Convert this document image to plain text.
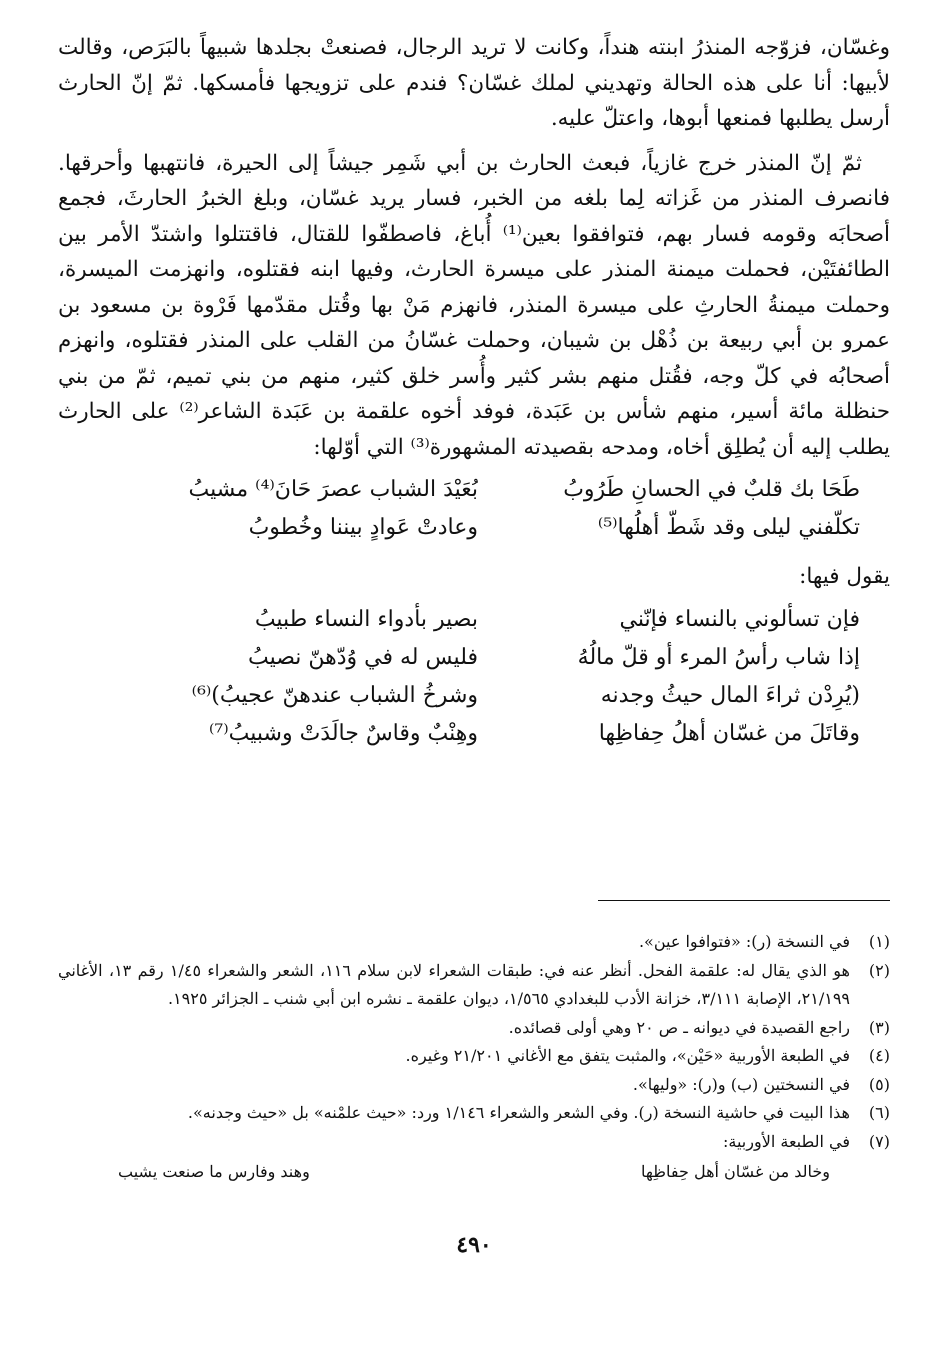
وغسّان، فزوّجه المنذرُ ابنته هنداً، وكانت لا تريد الرجال، فصنعتْ بجلدها شبيهاً بالبَرَص، وقالت لأبيها: أنا على هذه الحالة وتهديني لملك غسّان؟ فندم على تزويجها فأمسكها. ثمّ إنّ الحارث أرسل يطلبها فمنعها أبوها، واعتلّ عليه.

ثمّ إنّ المنذر خرج غازياً، فبعث الحارث بن أبي شَمِر جيشاً إلى الحيرة، فانتهبها وأحرقها. فانصرف المنذر من غَزاته لِما بلغه من الخبر، فسار يريد غسّان، وبلغ الخبرُ الحارثَ، فجمع أصحابَه وقومه فسار بهم، فتوافقوا بعين⁽¹⁾ أُباغ، فاصطفّوا للقتال، فاقتتلوا واشتدّ الأمر بين الطائفتَيْن، فحملت ميمنة المنذر على ميسرة الحارث، وفيها ابنه فقتلوه، وانهزمت الميسرة، وحملت ميمنةُ الحارثِ على ميسرة المنذر، فانهزم مَنْ بها وقُتل مقدّمها فَرْوة بن مسعود بن عمرو بن أبي ربيعة بن ذُهْل بن شيبان، وحملت غسّانُ من القلب على المنذر فقتلوه، وانهزم أصحابُه في كلّ وجه، فقُتل منهم بشر كثير وأُسر خلق كثير، منهم من بني تميم، ثمّ من بني حنظلة مائة أسير، منهم شأس بن عَبَدة، فوفد أخوه علقمة بن عَبَدة الشاعر⁽²⁾ على الحارث يطلب إليه أن يُطلِق أخاه، ومدحه بقصيدته المشهورة⁽³⁾ التي أوّلها:

طَحَا بك قلبٌ في الحسانِ طَرُوبُ
بُعَيْدَ الشباب عصرَ حَانَ⁽⁴⁾ مشيبُ
تكلّفني ليلى وقد شَطّ أهلُها⁽⁵⁾
وعادتْ عَوادٍ بيننا وخُطوبُ
يقول فيها:
فإن تسألوني بالنساء فإنّني
بصير بأدواء النساء طبيبُ
إذا شاب رأسُ المرء أو قلّ مالُهُ
فليس له في وُدّهنّ نصيبُ
(يُرِدْن ثراءَ المال حيثُ وجدنه
وشرخُ الشباب عندهنّ عجيبُ)⁽⁶⁾
وقاتَلَ من غسّان أهلُ حِفاظِها
وهِنْبٌ وقاسٌ جالَدَتْ وشبيبُ⁽⁷⁾
(١)
في النسخة (ر): «فتوافوا عين».
(٢)
هو الذي يقال له: علقمة الفحل. أنظر عنه في: طبقات الشعراء لابن سلام ١١٦، الشعر والشعراء ١/٤٥ رقم ١٣، الأغاني ٢١/١٩٩، الإصابة ٣/١١١، خزانة الأدب للبغدادي ١/٥٦٥، ديوان علقمة ـ نشره ابن أبي شنب ـ الجزائر ١٩٢٥.
(٣)
راجع القصيدة في ديوانه ـ ص ٢٠ وهي أولى قصائده.
(٤)
في الطبعة الأوربية «حَيْن»، والمثبت يتفق مع الأغاني ٢١/٢٠١ وغيره.
(٥)
في النسختين (ب) و(ر): «وليها».
(٦)
هذا البيت في حاشية النسخة (ر). وفي الشعر والشعراء ١/١٤٦ ورد: «حيث علمْنه» بل «حيث وجدنه».
(٧)
في الطبعة الأوربية:
وخالد من غسّان أهل حِفاظِها
وهند وفارس ما صنعت يشيب
٤٩٠
